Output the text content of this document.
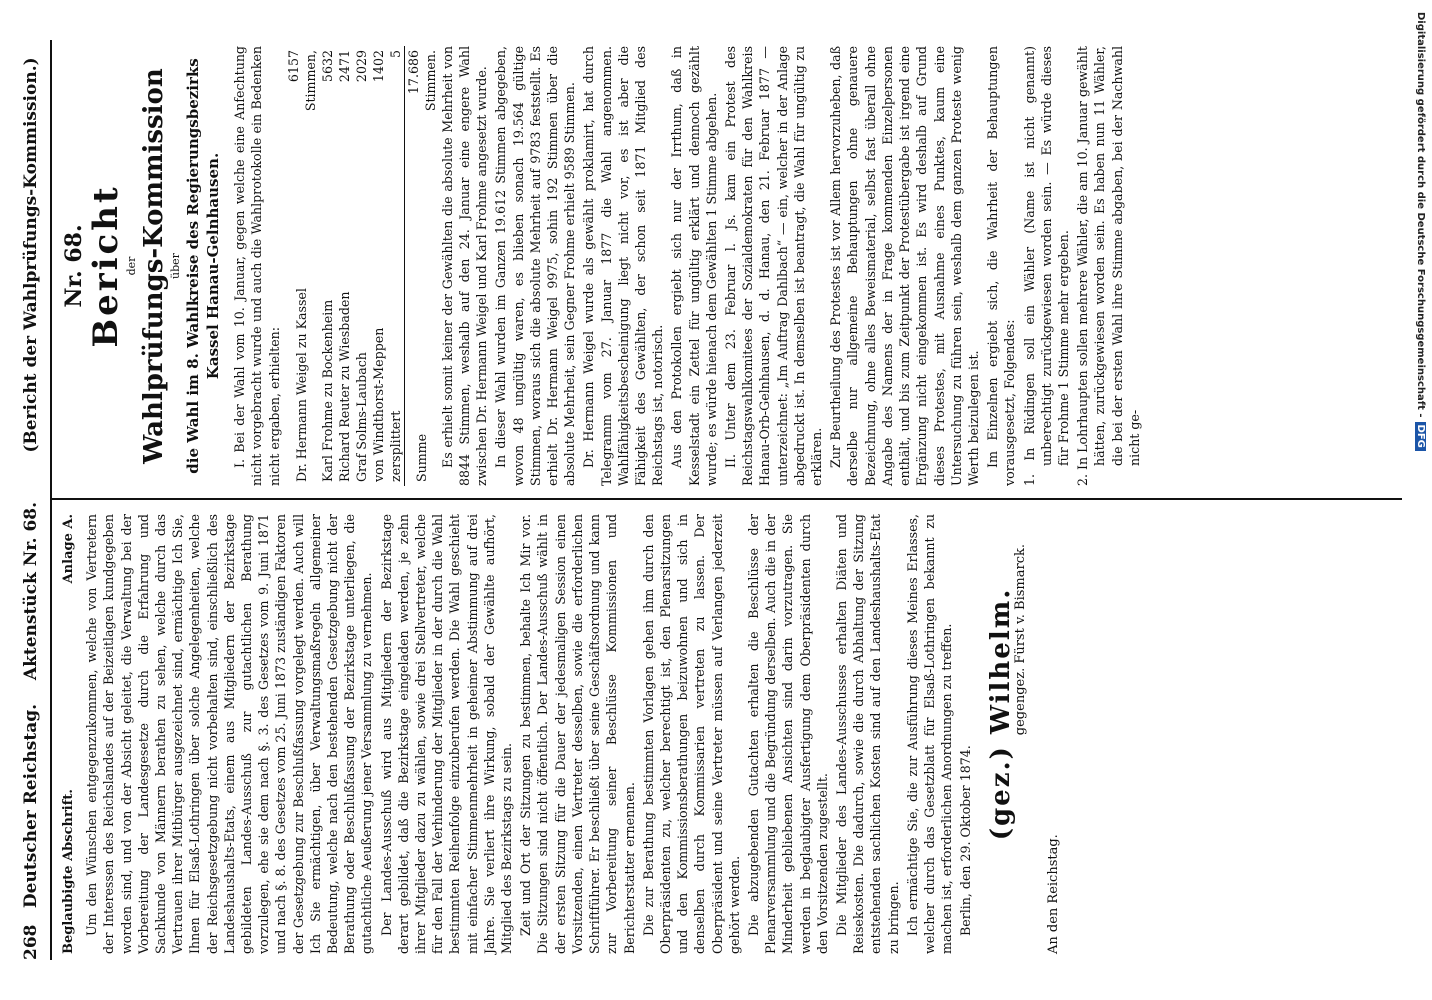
268
Deutscher Reichstag.
Aktenstück Nr. 68.
(Bericht der Wahlprüfungs-Kommission.)
Beglaubigte Abschrift.
Anlage A. Um den Wünschen entgegenzukommen, welche von Vertretern der Interessen des Reichslandes auf der Beizeitlagen kundgegeben worden sind, und von der Absicht geleitet, die Verwaltung bei der Vorbereitung der Landesgesetze durch die Erfahrung und Sachkunde von Männern berathen zu sehen, welche durch das Vertrauen ihrer Mitbürger ausgezeichnet sind, ermächtige Ich Sie, Ihnen für Elsaß-Lothringen über solche Angelegenheiten, welche der Reichsgesetzgebung nicht vorbehalten sind, einschließlich des Landeshaushalts-Etats, einem aus Mitgliedern der Bezirkstage gebildeten Landes-Ausschuß zur gutachtlichen Berathung vorzulegen, ehe sie dem nach §. 3. des Gesetzes vom 9. Juni 1871 und nach §. 8. des Gesetzes vom 25. Juni 1873 zuständigen Faktoren der Gesetzgebung zur Beschlußfassung vorgelegt werden. Auch will Ich Sie ermächtigen, über Verwaltungsmaßregeln allgemeiner Bedeutung, welche nach den bestehenden Gesetzgebung nicht der Berathung oder Beschlußfassung der Bezirkstage unterliegen, die gutachtliche Aeußerung jener Versammlung zu vernehmen. Der Landes-Ausschuß wird aus Mitgliedern der Bezirkstage derart gebildet, daß die Bezirkstage eingeladen werden, je zehn ihrer Mitglieder dazu zu wählen, sowie drei Stellvertreter, welche für den Fall der Verhinderung der Mitglieder in der durch die Wahl bestimmten Reihenfolge einzuberufen werden. Die Wahl geschieht mit einfacher Stimmenmehrheit in geheimer Abstimmung auf drei Jahre. Sie verliert ihre Wirkung, sobald der Gewählte aufhört, Mitglied des Bezirkstags zu sein. Zeit und Ort der Sitzungen zu bestimmen, behalte Ich Mir vor. Die Sitzungen sind nicht öffentlich. Der Landes-Ausschuß wählt in der ersten Sitzung für die Dauer der jedesmaligen Session einen Vorsitzenden, einen Vertreter desselben, sowie die erforderlichen Schriftführer. Er beschließt über seine Geschäftsordnung und kann zur Vorbereitung seiner Beschlüsse Kommissionen und Berichterstatter ernennen. Die zur Berathung bestimmten Vorlagen gehen ihm durch den Oberpräsidenten zu, welcher berechtigt ist, den Plenarsitzungen und den Kommissionsberathungen beizuwohnen und sich in denselben durch Kommissarien vertreten zu lassen. Der Oberpräsident und seine Vertreter müssen auf Verlangen jederzeit gehört werden. Die abzugebenden Gutachten erhalten die Beschlüsse der Plenarversammlung und die Begründung derselben. Auch die in der Minderheit gebliebenen Ansichten sind darin vorzutragen. Sie werden in beglaubigter Ausfertigung dem Oberpräsidenten durch den Vorsitzenden zugestellt. Die Mitglieder des Landes-Ausschusses erhalten Diäten und Reisekosten. Die dadurch, sowie die durch Abhaltung der Sitzung entstehenden sachlichen Kosten sind auf den Landeshaushalts-Etat zu bringen. Ich ermächtige Sie, die zur Ausführung dieses Meines Erlasses, welcher durch das Gesetzblatt für Elsaß-Lothringen bekannt zu machen ist, erforderlichen Anordnungen zu treffen. Berlin, den 29. Oktober 1874.

(gez.) Wilhelm.
gegengez. Fürst v. Bismarck.
An den Reichstag.
Nr. 68. Bericht der Wahlprüfungs-Kommission über die Wahl im 8. Wahlkreise des Regierungsbezirks Kassel Hanau-Gelnhausen. I. Bei der Wahl vom 10. Januar, gegen welche eine Anfechtung nicht vorgebracht wurde und auch die Wahlprotokolle ein Bedenken nicht ergaben, erhielten: Dr. Hermann Weigel zu Kassel	6157 Stimmen,
Karl Frohme zu Bockenheim	5632
Richard Reuter zu Wiesbaden	2471
Graf Solms-Laubach	2029
von Windthorst-Meppen	1402
zersplittert	5
Summe	17.686 Stimmen. Es erhielt somit keiner der Gewählten die absolute Mehrheit von 8844 Stimmen, weshalb auf den 24. Januar eine engere Wahl zwischen Dr. Hermann Weigel und Karl Frohme angesetzt wurde. In dieser Wahl wurden im Ganzen 19.612 Stimmen abgegeben, wovon 48 ungültig waren, es blieben sonach 19.564 gültige Stimmen, woraus sich die absolute Mehrheit auf 9783 feststellt. Es erhielt Dr. Hermann Weigel 9975, sohin 192 Stimmen über die absolute Mehrheit, sein Gegner Frohme erhielt 9589 Stimmen. Dr. Hermann Weigel wurde als gewählt proklamirt, hat durch Telegramm vom 27. Januar 1877 die Wahl angenommen. Wahlfähigkeitsbescheinigung liegt nicht vor, es ist aber die Fähigkeit des Gewählten, der schon seit 1871 Mitglied des Reichstags ist, notorisch. Aus den Protokollen ergiebt sich nur der Irrthum, daß in Kesselstadt ein Zettel für ungültig erklärt und dennoch gezählt wurde; es würde hienach dem Gewählten 1 Stimme abgehen. II. Unter dem 23. Februar l. Js. kam ein Protest des Reichstagswahlkomitees der Sozialdemokraten für den Wahlkreis Hanau-Orb-Gelnhausen, d. d. Hanau, den 21. Februar 1877 — unterzeichnet: „Im Auftrag Dahlbach“ — ein, welcher in der Anlage abgedruckt ist. In demselben ist beantragt, die Wahl für ungültig zu erklären. Zur Beurtheilung des Protestes ist vor Allem hervorzuheben, daß derselbe nur allgemeine Behauptungen ohne genauere Bezeichnung, ohne alles Beweismaterial, selbst fast überall ohne Angabe des Namens der in Frage kommenden Einzelpersonen enthält, und bis zum Zeitpunkt der Protestübergabe ist irgend eine Ergänzung nicht eingekommen ist. Es wird deshalb auf Grund dieses Protestes, mit Ausnahme eines Punktes, kaum eine Untersuchung zu führen sein, weshalb dem ganzen Proteste wenig Werth beizulegen ist. Im Einzelnen ergiebt sich, die Wahrheit der Behauptungen vorausgesetzt, Folgendes: 1. In Rüdingen soll ein Wähler (Name ist nicht genannt) unberechtigt zurückgewiesen worden sein. — Es würde dieses für Frohme 1 Stimme mehr ergeben. 2. In Lohrhaupten sollen mehrere Wähler, die am 10. Januar gewählt hätten, zurückgewiesen worden sein. Es haben nun 11 Wähler, die bei der ersten Wahl ihre Stimme abgaben, bei der Nachwahl nicht ge-

Digitalisierung gefördert durch die Deutsche Forschungsgemeinschaft -DFG
